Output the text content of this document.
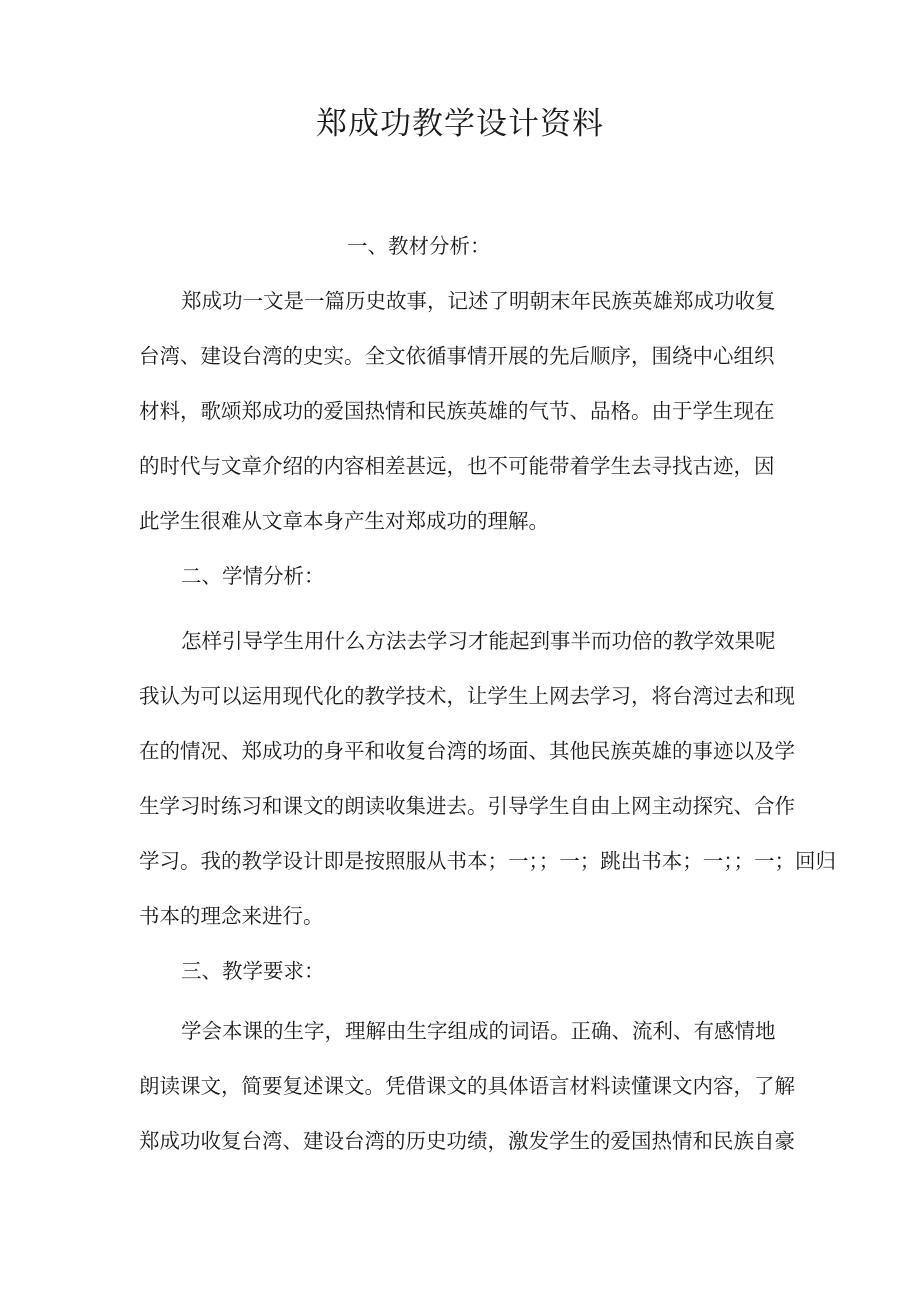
郑成功教学设计资料

一、教材分析：

郑成功一文是一篇历史故事，记述了明朝末年民族英雄郑成功收复

台湾、建设台湾的史实。全文依循事情开展的先后顺序，围绕中心组织

材料，歌颂郑成功的爱国热情和民族英雄的气节、品格。由于学生现在

的时代与文章介绍的内容相差甚远，也不可能带着学生去寻找古迹，因

此学生很难从文章本身产生对郑成功的理解。

二、学情分析：

怎样引导学生用什么方法去学习才能起到事半而功倍的教学效果呢

我认为可以运用现代化的教学技术，让学生上网去学习，将台湾过去和现

在的情况、郑成功的身平和收复台湾的场面、其他民族英雄的事迹以及学

生学习时练习和课文的朗读收集进去。引导学生自由上网主动探究、合作

学习。我的教学设计即是按照服从书本；一；；一；跳出书本；一；；一；回归

书本的理念来进行。

三、教学要求：

学会本课的生字，理解由生字组成的词语。正确、流利、有感情地

朗读课文，简要复述课文。凭借课文的具体语言材料读懂课文内容，了解

郑成功收复台湾、建设台湾的历史功绩，激发学生的爱国热情和民族自豪
